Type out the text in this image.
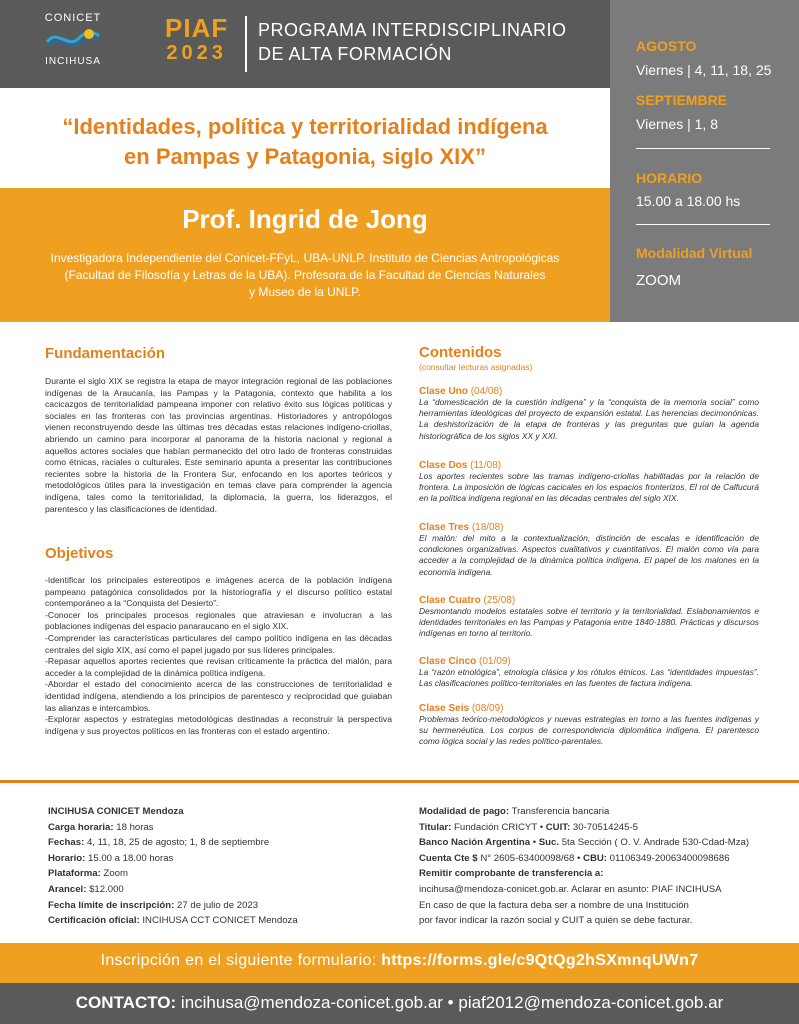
CONICET
INCIHUSA
PIAF
2023
PROGRAMA INTERDISCIPLINARIO
DE ALTA FORMACIÓN	AGOSTO
Viernes | 4, 11, 18, 25
SEPTIEMBRE
Viernes | 1, 8
HORARIO
15.00 a 18.00 hs
Modalidad Virtual
ZOOM
“Identidades, política y territorialidad indígena
en Pampas y Patagonia, siglo XIX”
Prof. Ingrid de Jong
Investigadora Independiente del Conicet-FFyL, UBA-UNLP. Instituto de Ciencias Antropológicas
(Facultad de Filosofía y Letras de la UBA). Profesora de la Facultad de Ciencias Naturales
y Museo de la UNLP.
Fundamentación
Durante el siglo XIX se registra la etapa de mayor integración regional de las poblaciones indígenas de la Araucanía, las Pampas y la Patagonia, contexto que habilita a los cacicazgos de territorialidad pampeana imponer con relativo éxito sus lógicas políticas y sociales en las fronteras con las provincias argentinas. Historiadores y antropólogos vienen reconstruyendo desde las últimas tres décadas estas relaciones indígeno-criollas, abriendo un camino para incorporar al panorama de la historia nacional y regional a aquellos actores sociales que habían permanecido del otro lado de fronteras construidas como étnicas, raciales o culturales. Este seminario apunta a presentar las contribuciones recientes sobre la historia de la Frontera Sur, enfocando en los aportes teóricos y metodológicos útiles para la investigación en temas clave para comprender la agencia indígena, tales como la territorialidad, la diplomacia, la guerra, los liderazgos, el parentesco y las clasificaciones de identidad.
Objetivos
-Identificar los principales estereotipos e imágenes acerca de la población indígena pampeano patagónica consolidados por la historiografía y el discurso político estatal contemporáneo a la “Conquista del Desierto”.
-Conocer los principales procesos regionales que atraviesan e involucran a las poblaciones indígenas del espacio panaraucano en el siglo XIX.
-Comprender las características particulares del campo político indígena en las décadas centrales del siglo XIX, así como el papel jugado por sus líderes principales.
-Repasar aquellos aportes recientes que revisan críticamente la práctica del malón, para acceder a la complejidad de la dinámica política indígena.
-Abordar el estado del conocimiento acerca de las construcciones de territorialidad e identidad indígena, atendiendo a los principios de parentesco y reciprocidad que guiaban las alianzas e intercambios.
-Explorar aspectos y estrategias metodológicas destinadas a reconstruir la perspectiva indígena y sus proyectos políticos en las fronteras con el estado argentino.
Contenidos
(consultar lecturas asignadas)
Clase Uno (04/08)
La “domesticación de la cuestión indígena” y la “conquista de la memoria social” como herramientas ideológicas del proyecto de expansión estatal. Las herencias decimonónicas. La deshistorización de la etapa de fronteras y las preguntas que guían la agenda historiográfica de los siglos XX y XXI.
Clase Dos (11/08)
Los aportes recientes sobre las tramas indígeno-criollas habilitadas por la relación de frontera. La imposición de lógicas cacicales en los espacios fronterizos. El rol de Calfucurá en la política indígena regional en las décadas centrales del siglo XIX.
Clase Tres (18/08)
El malón: del mito a la contextualización, distinción de escalas e identificación de condiciones organizativas. Aspectos cualitativos y cuantitativos. El malón como vía para acceder a la complejidad de la dinámica política indígena. El papel de los malones en la economía indígena.
Clase Cuatro (25/08)
Desmontando modelos estatales sobre el territorio y la territorialidad. Eslabonamientos e identidades territoriales en las Pampas y Patagonia entre 1840-1880. Prácticas y discursos indígenas en torno al territorio.
Clase Cinco (01/09)
La “razón etnológica”, etnología clásica y los rótulos étnicos. Las “identidades impuestas”. Las clasificaciones político-territoriales en las fuentes de factura indígena.
Clase Seis (08/09)
Problemas teórico-metodológicos y nuevas estrategias en torno a las fuentes indígenas y su hermenéutica. Los corpus de correspondencia diplomática indígena. El parentesco como lógica social y las redes político-parentales.
INCIHUSA CONICET Mendoza
Carga horaria: 18 horas
Fechas: 4, 11, 18, 25 de agosto; 1, 8 de septiembre
Horario: 15.00 a 18.00 horas
Plataforma: Zoom
Arancel: $12.000
Fecha límite de inscripción: 27 de julio de 2023
Certificación oficial: INCIHUSA CCT CONICET Mendoza
Modalidad de pago: Transferencia bancaria
Titular: Fundación CRICYT • CUIT: 30-70514245-5
Banco Nación Argentina • Suc. 5ta Sección ( O. V. Andrade 530-Cdad-Mza)
Cuenta Cte $ N° 2605-63400098/68 • CBU: 01106349-20063400098686
Remitir comprobante de transferencia a:
incihusa@mendoza-conicet.gob.ar. Aclarar en asunto: PIAF INCIHUSA
En caso de que la factura deba ser a nombre de una Institución
por favor indicar la razón social y CUIT a quién se debe facturar.
Inscripción en el siguiente formulario: https://forms.gle/c9QtQg2hSXmnqUWn7
CONTACTO: incihusa@mendoza-conicet.gob.ar • piaf2012@mendoza-conicet.gob.ar
